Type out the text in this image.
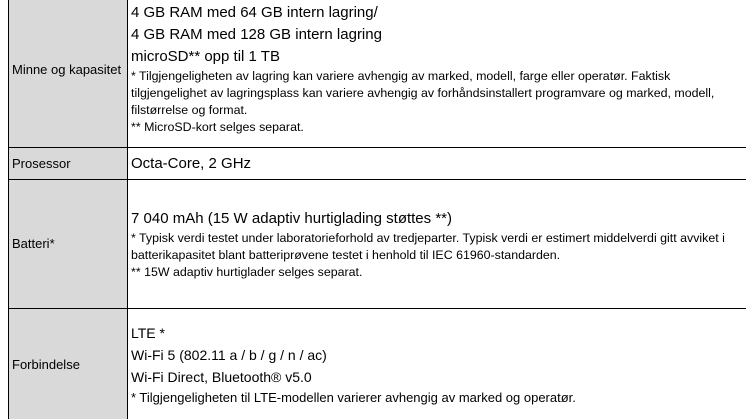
Minne og kapasitet	4 GB RAM med 64 GB intern lagring/
4 GB RAM med 128 GB intern lagring
microSD** opp til 1 TB
* Tilgjengeligheten av lagring kan variere avhengig av marked, modell, farge eller operatør. Faktisk tilgjengelighet av lagringsplass kan variere avhengig av forhåndsinstallert programvare og marked, modell, filstørrelse og format.
** MicroSD-kort selges separat.

Prosessor	Octa-Core, 2 GHz

Batteri*	7 040 mAh (15 W adaptiv hurtiglading støttes **)
* Typisk verdi testet under laboratorieforhold av tredjeparter. Typisk verdi er estimert middelverdi gitt avviket i batterikapasitet blant batteriprøvene testet i henhold til IEC 61960-standarden.
** 15W adaptiv hurtiglader selges separat.

Forbindelse	LTE *
Wi-Fi 5 (802.11 a / b / g / n / ac)
Wi-Fi Direct, Bluetooth® v5.0
* Tilgjengeligheten til LTE-modellen varierer avhengig av marked og operatør.
